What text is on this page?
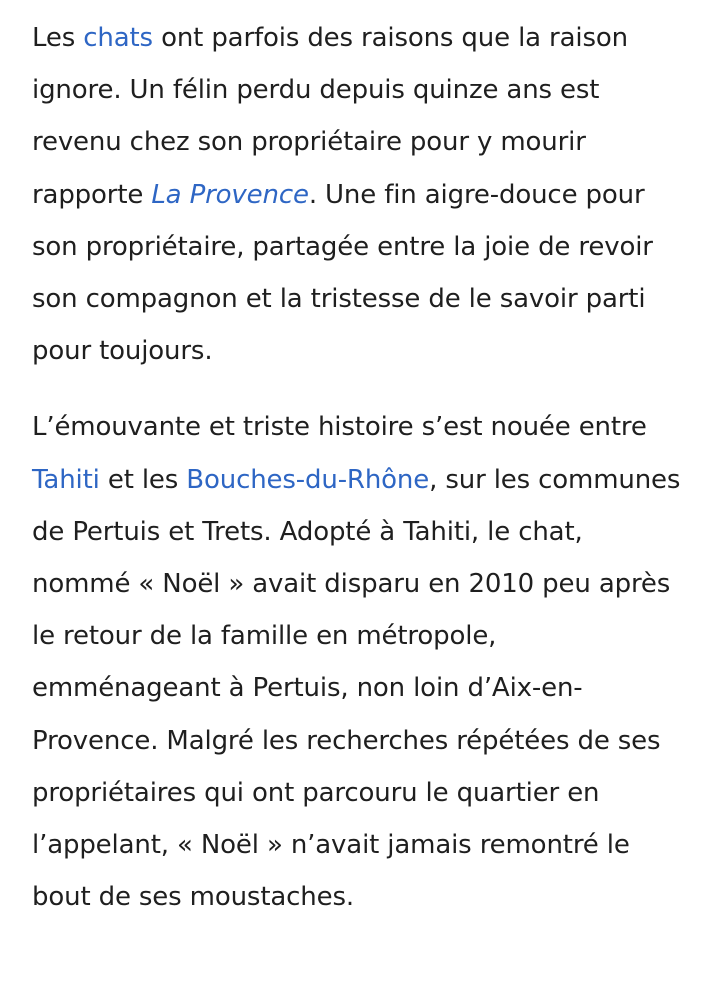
Les chats ont parfois des raisons que la raison ignore. Un félin perdu depuis quinze ans est revenu chez son propriétaire pour y mourir rapporte La Provence. Une fin aigre-douce pour son propriétaire, partagée entre la joie de revoir son compagnon et la tristesse de le savoir parti pour toujours.

L’émouvante et triste histoire s’est nouée entre Tahiti et les Bouches-du-Rhône, sur les communes de Pertuis et Trets. Adopté à Tahiti, le chat, nommé « Noël » avait disparu en 2010 peu après le retour de la famille en métropole, emménageant à Pertuis, non loin d’Aix-en-Provence. Malgré les recherches répétées de ses propriétaires qui ont parcouru le quartier en l’appelant, « Noël » n’avait jamais remontré le bout de ses moustaches.
